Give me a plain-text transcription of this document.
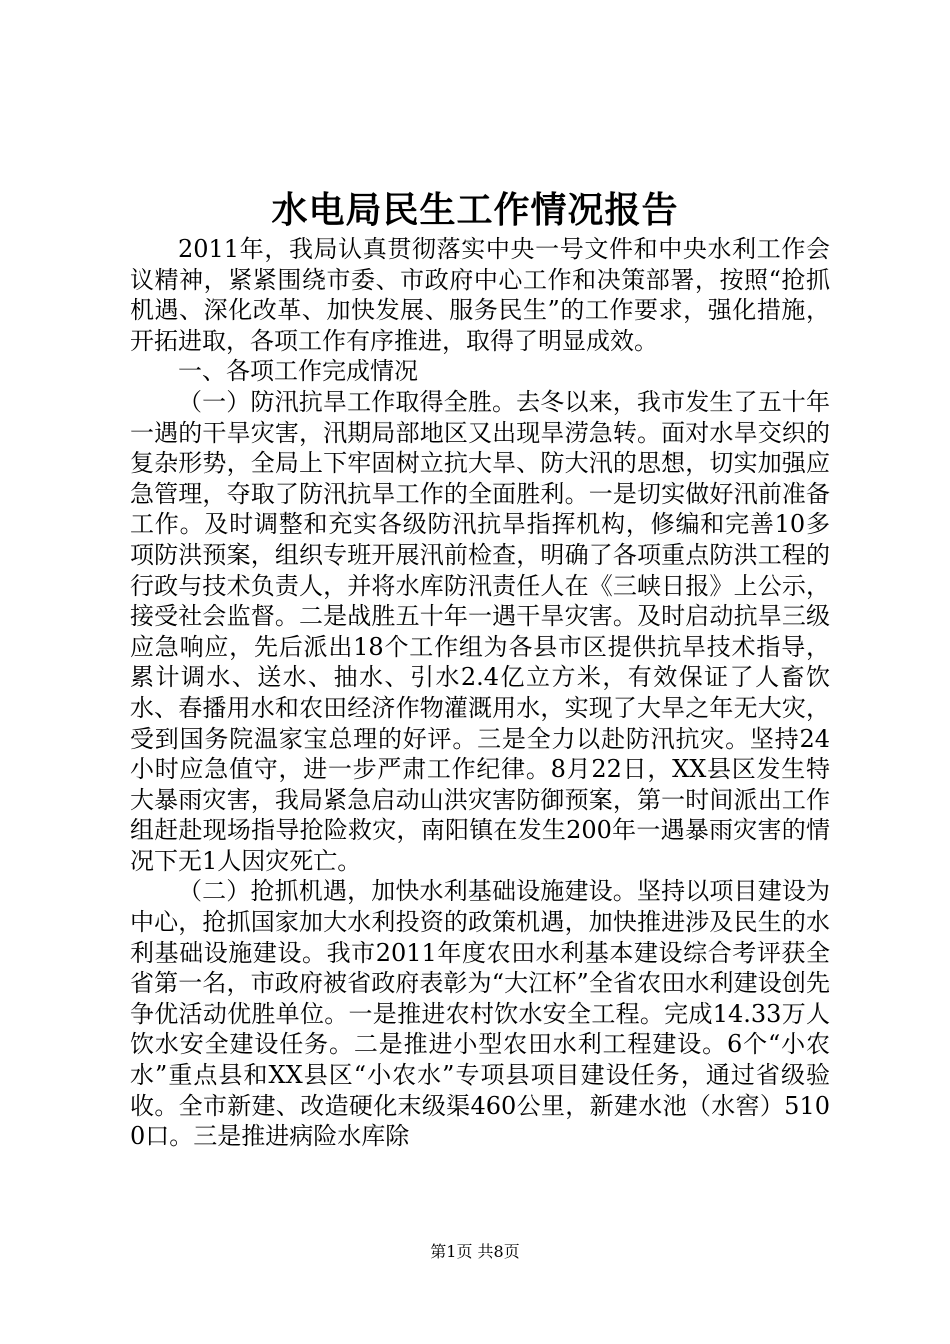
水电局民生工作情况报告

2011年，我局认真贯彻落实中央一号文件和中央水利工作会议精神，紧紧围绕市委、市政府中心工作和决策部署，按照“抢抓机遇、深化改革、加快发展、服务民生”的工作要求，强化措施，开拓进取，各项工作有序推进，取得了明显成效。

一、各项工作完成情况

（一）防汛抗旱工作取得全胜。去冬以来，我市发生了五十年一遇的干旱灾害，汛期局部地区又出现旱涝急转。面对水旱交织的复杂形势，全局上下牢固树立抗大旱、防大汛的思想，切实加强应急管理，夺取了防汛抗旱工作的全面胜利。一是切实做好汛前准备工作。及时调整和充实各级防汛抗旱指挥机构，修编和完善10多项防洪预案，组织专班开展汛前检查，明确了各项重点防洪工程的行政与技术负责人，并将水库防汛责任人在《三峡日报》上公示，接受社会监督。二是战胜五十年一遇干旱灾害。及时启动抗旱三级应急响应，先后派出18个工作组为各县市区提供抗旱技术指导，累计调水、送水、抽水、引水2.4亿立方米，有效保证了人畜饮水、春播用水和农田经济作物灌溉用水，实现了大旱之年无大灾，受到国务院温家宝总理的好评。三是全力以赴防汛抗灾。坚持24小时应急值守，进一步严肃工作纪律。8月22日，XX县区发生特大暴雨灾害，我局紧急启动山洪灾害防御预案，第一时间派出工作组赶赴现场指导抢险救灾，南阳镇在发生200年一遇暴雨灾害的情况下无1人因灾死亡。

（二）抢抓机遇，加快水利基础设施建设。坚持以项目建设为中心，抢抓国家加大水利投资的政策机遇，加快推进涉及民生的水利基础设施建设。我市2011年度农田水利基本建设综合考评获全省第一名，市政府被省政府表彰为“大江杯”全省农田水利建设创先争优活动优胜单位。一是推进农村饮水安全工程。完成14.33万人饮水安全建设任务。二是推进小型农田水利工程建设。6个“小农水”重点县和XX县区“小农水”专项县项目建设任务，通过省级验收。全市新建、改造硬化末级渠460公里，新建水池（水窖）5100口。三是推进病险水库除

第1页 共8页
